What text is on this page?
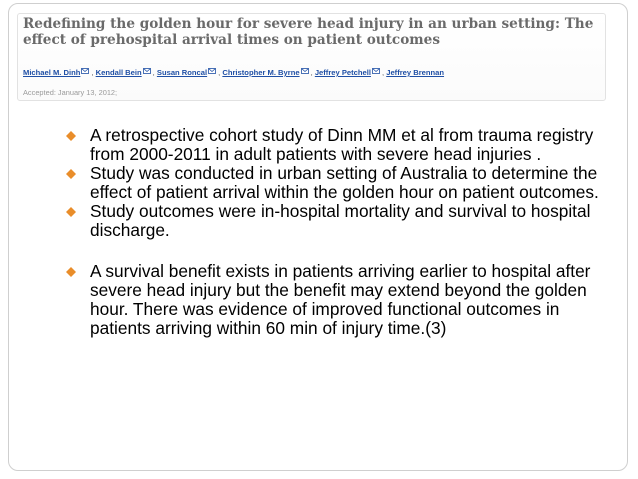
Redefining the golden hour for severe head injury in an urban setting: The effect of prehospital arrival times on patient outcomes

Michael M. Dinh , Kendall Bein , Susan Roncal , Christopher M. Byrne , Jeffrey Petchell , Jeffrey Brennan
Accepted: January 13, 2012;
A retrospective cohort study of Dinn MM et al from trauma registry from 2000-2011 in adult patients with severe head injuries .
Study was conducted in urban setting of Australia to determine the effect of patient arrival within the golden hour on patient outcomes.
Study outcomes were in-hospital mortality and survival to hospital discharge.
A survival benefit exists in patients arriving earlier to hospital after severe head injury but the benefit may extend beyond the golden hour. There was evidence of improved functional outcomes in patients arriving within 60 min of injury time.(3)
